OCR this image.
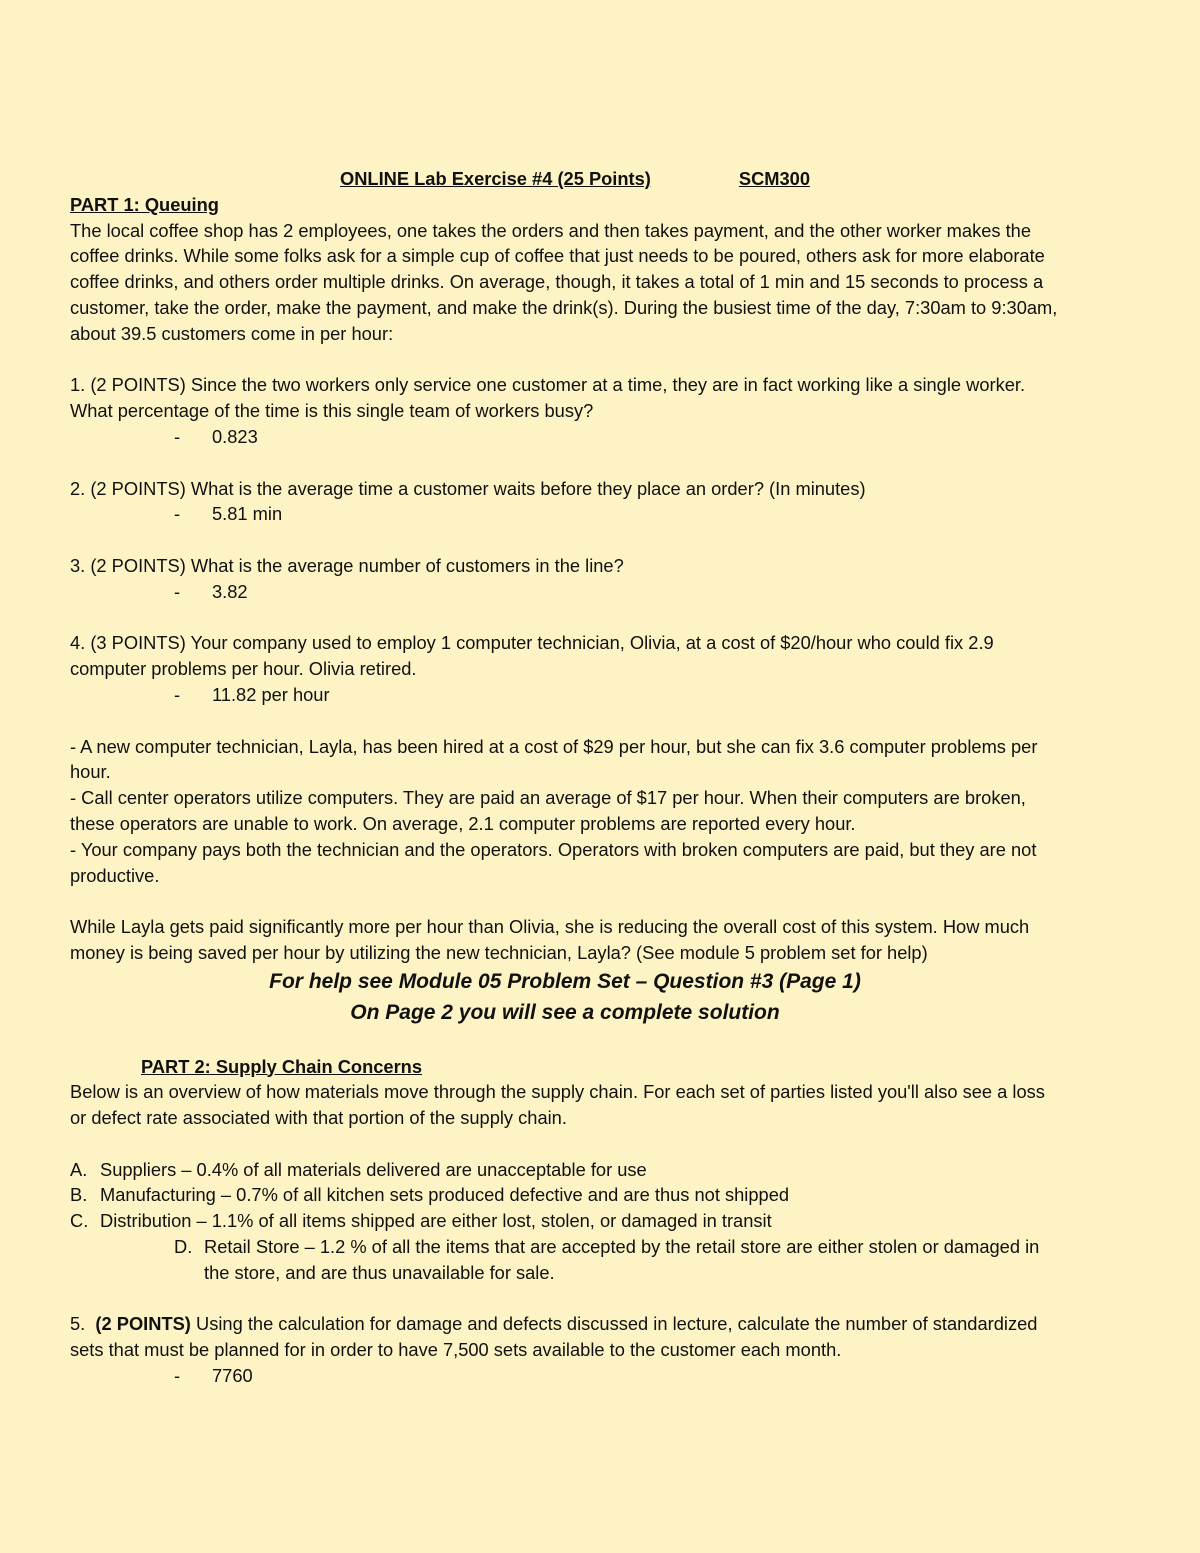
ONLINE Lab Exercise #4 (25 Points)	SCM300

PART 1: Queuing

The local coffee shop has 2 employees, one takes the orders and then takes payment, and the other worker makes the coffee drinks. While some folks ask for a simple cup of coffee that just needs to be poured, others ask for more elaborate coffee drinks, and others order multiple drinks. On average, though, it takes a total of 1 min and 15 seconds to process a customer, take the order, make the payment, and make the drink(s). During the busiest time of the day, 7:30am to 9:30am, about 39.5 customers come in per hour:

1. (2 POINTS) Since the two workers only service one customer at a time, they are in fact working like a single worker. What percentage of the time is this single team of workers busy?

- 0.823

2. (2 POINTS) What is the average time a customer waits before they place an order? (In minutes)

- 5.81 min

3. (2 POINTS) What is the average number of customers in the line?

- 3.82

4. (3 POINTS) Your company used to employ 1 computer technician, Olivia, at a cost of $20/hour who could fix 2.9 computer problems per hour. Olivia retired.

- 11.82 per hour

- A new computer technician, Layla, has been hired at a cost of $29 per hour, but she can fix 3.6 computer problems per hour.

- Call center operators utilize computers. They are paid an average of $17 per hour. When their computers are broken, these operators are unable to work. On average, 2.1 computer problems are reported every hour.

- Your company pays both the technician and the operators. Operators with broken computers are paid, but they are not productive.

While Layla gets paid significantly more per hour than Olivia, she is reducing the overall cost of this system. How much money is being saved per hour by utilizing the new technician, Layla? (See module 5 problem set for help)

For help see Module 05 Problem Set – Question #3 (Page 1)

On Page 2 you will see a complete solution

PART 2: Supply Chain Concerns

Below is an overview of how materials move through the supply chain. For each set of parties listed you'll also see a loss or defect rate associated with that portion of the supply chain.

A. Suppliers – 0.4% of all materials delivered are unacceptable for use
B. Manufacturing – 0.7% of all kitchen sets produced defective and are thus not shipped
C. Distribution – 1.1% of all items shipped are either lost, stolen, or damaged in transit
D. Retail Store – 1.2 % of all the items that are accepted by the retail store are either stolen or damaged in the store, and are thus unavailable for sale.

5. (2 POINTS) Using the calculation for damage and defects discussed in lecture, calculate the number of standardized sets that must be planned for in order to have 7,500 sets available to the customer each month.

- 7760
